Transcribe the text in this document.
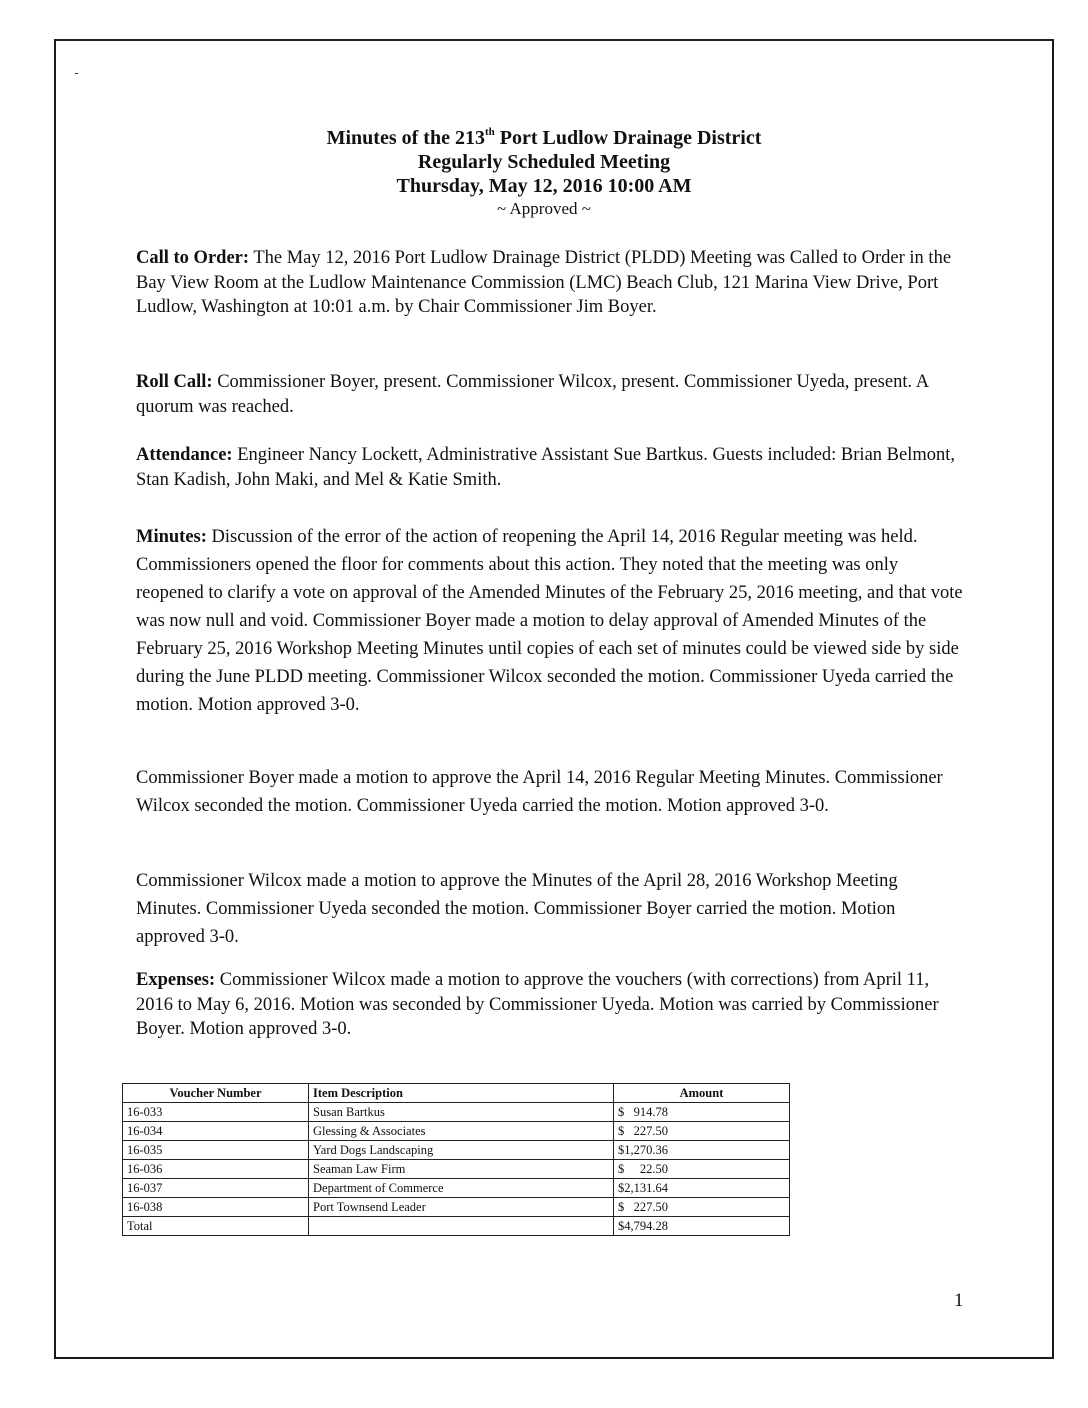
Minutes of the 213th Port Ludlow Drainage District

Regularly Scheduled Meeting

Thursday, May 12, 2016 10:00 AM

~ Approved ~

Call to Order: The May 12, 2016 Port Ludlow Drainage District (PLDD) Meeting was Called to Order in the Bay View Room at the Ludlow Maintenance Commission (LMC) Beach Club, 121 Marina View Drive, Port Ludlow, Washington at 10:01 a.m. by Chair Commissioner Jim Boyer.

Roll Call: Commissioner Boyer, present. Commissioner Wilcox, present. Commissioner Uyeda, present. A quorum was reached.

Attendance: Engineer Nancy Lockett, Administrative Assistant Sue Bartkus. Guests included: Brian Belmont, Stan Kadish, John Maki, and Mel & Katie Smith.

Minutes: Discussion of the error of the action of reopening the April 14, 2016 Regular meeting was held. Commissioners opened the floor for comments about this action. They noted that the meeting was only reopened to clarify a vote on approval of the Amended Minutes of the February 25, 2016 meeting, and that vote was now null and void. Commissioner Boyer made a motion to delay approval of Amended Minutes of the February 25, 2016 Workshop Meeting Minutes until copies of each set of minutes could be viewed side by side during the June PLDD meeting. Commissioner Wilcox seconded the motion. Commissioner Uyeda carried the motion. Motion approved 3-0.

Commissioner Boyer made a motion to approve the April 14, 2016 Regular Meeting Minutes. Commissioner Wilcox seconded the motion. Commissioner Uyeda carried the motion. Motion approved 3-0.

Commissioner Wilcox made a motion to approve the Minutes of the April 28, 2016 Workshop Meeting Minutes. Commissioner Uyeda seconded the motion. Commissioner Boyer carried the motion. Motion approved 3-0.

Expenses: Commissioner Wilcox made a motion to approve the vouchers (with corrections) from April 11, 2016 to May 6, 2016. Motion was seconded by Commissioner Uyeda. Motion was carried by Commissioner Boyer. Motion approved 3-0.

Voucher Number	Item Description	Amount
16-033	Susan Bartkus	$   914.78
16-034	Glessing & Associates	$   227.50
16-035	Yard Dogs Landscaping	$1,270.36
16-036	Seaman Law Firm	$     22.50
16-037	Department of Commerce	$2,131.64
16-038	Port Townsend Leader	$   227.50
Total		$4,794.28
1
